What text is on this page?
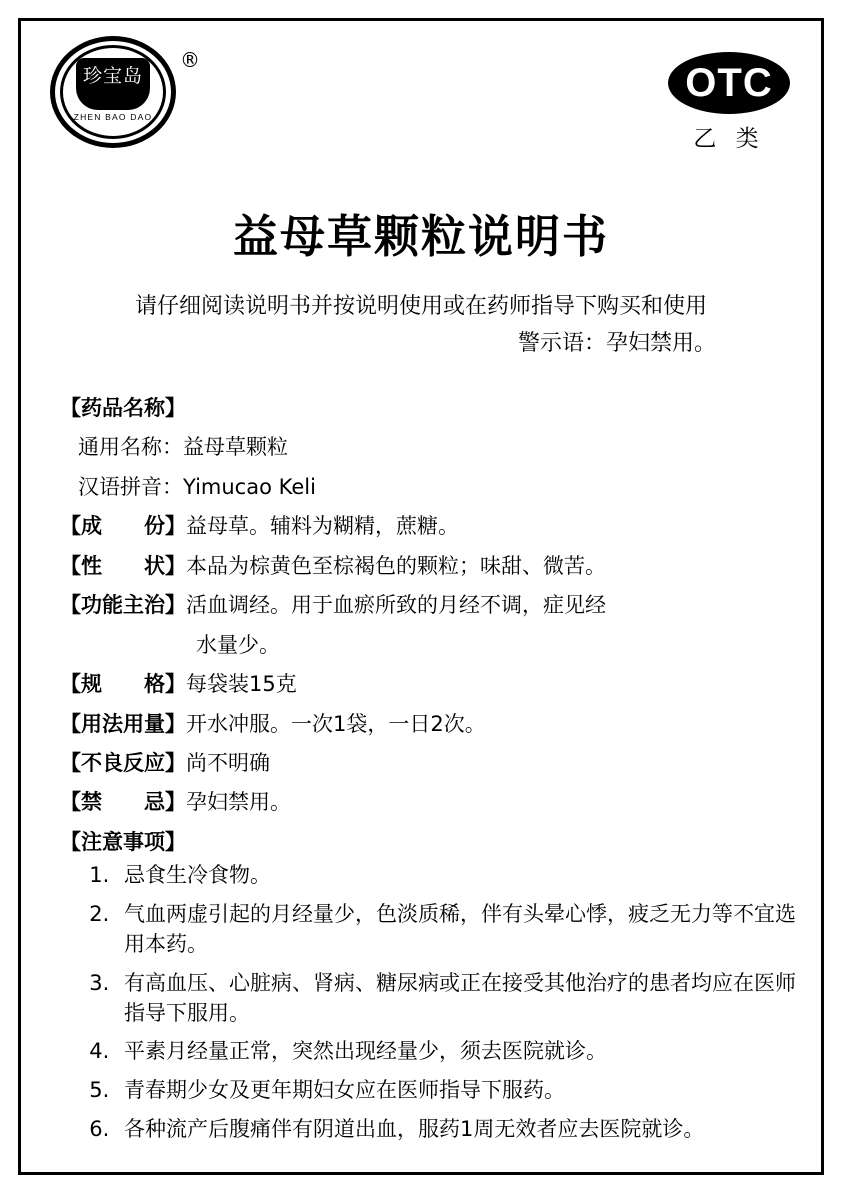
珍宝岛
ZHEN BAO DAO
®
OTC
乙 类
益母草颗粒说明书
请仔细阅读说明书并按说明使用或在药师指导下购买和使用
警示语：孕妇禁用。
【药品名称】
通用名称： 益母草颗粒
汉语拼音： Yimucao Keli
【成　　份】 益母草。辅料为糊精，蔗糖。
【性　　状】 本品为棕黄色至棕褐色的颗粒；味甜、微苦。
【功能主治】 活血调经。用于血瘀所致的月经不调，症见经
水量少。
【规　　格】 每袋装15克
【用法用量】 开水冲服。一次1袋，一日2次。
【不良反应】 尚不明确
【禁　　忌】 孕妇禁用。
【注意事项】
1. 忌食生冷食物。
2. 气血两虚引起的月经量少，色淡质稀，伴有头晕心悸，疲乏无力等不宜选用本药。
3. 有高血压、心脏病、肾病、糖尿病或正在接受其他治疗的患者均应在医师指导下服用。
4. 平素月经量正常，突然出现经量少，须去医院就诊。
5. 青春期少女及更年期妇女应在医师指导下服药。
6. 各种流产后腹痛伴有阴道出血，服药1周无效者应去医院就诊。
